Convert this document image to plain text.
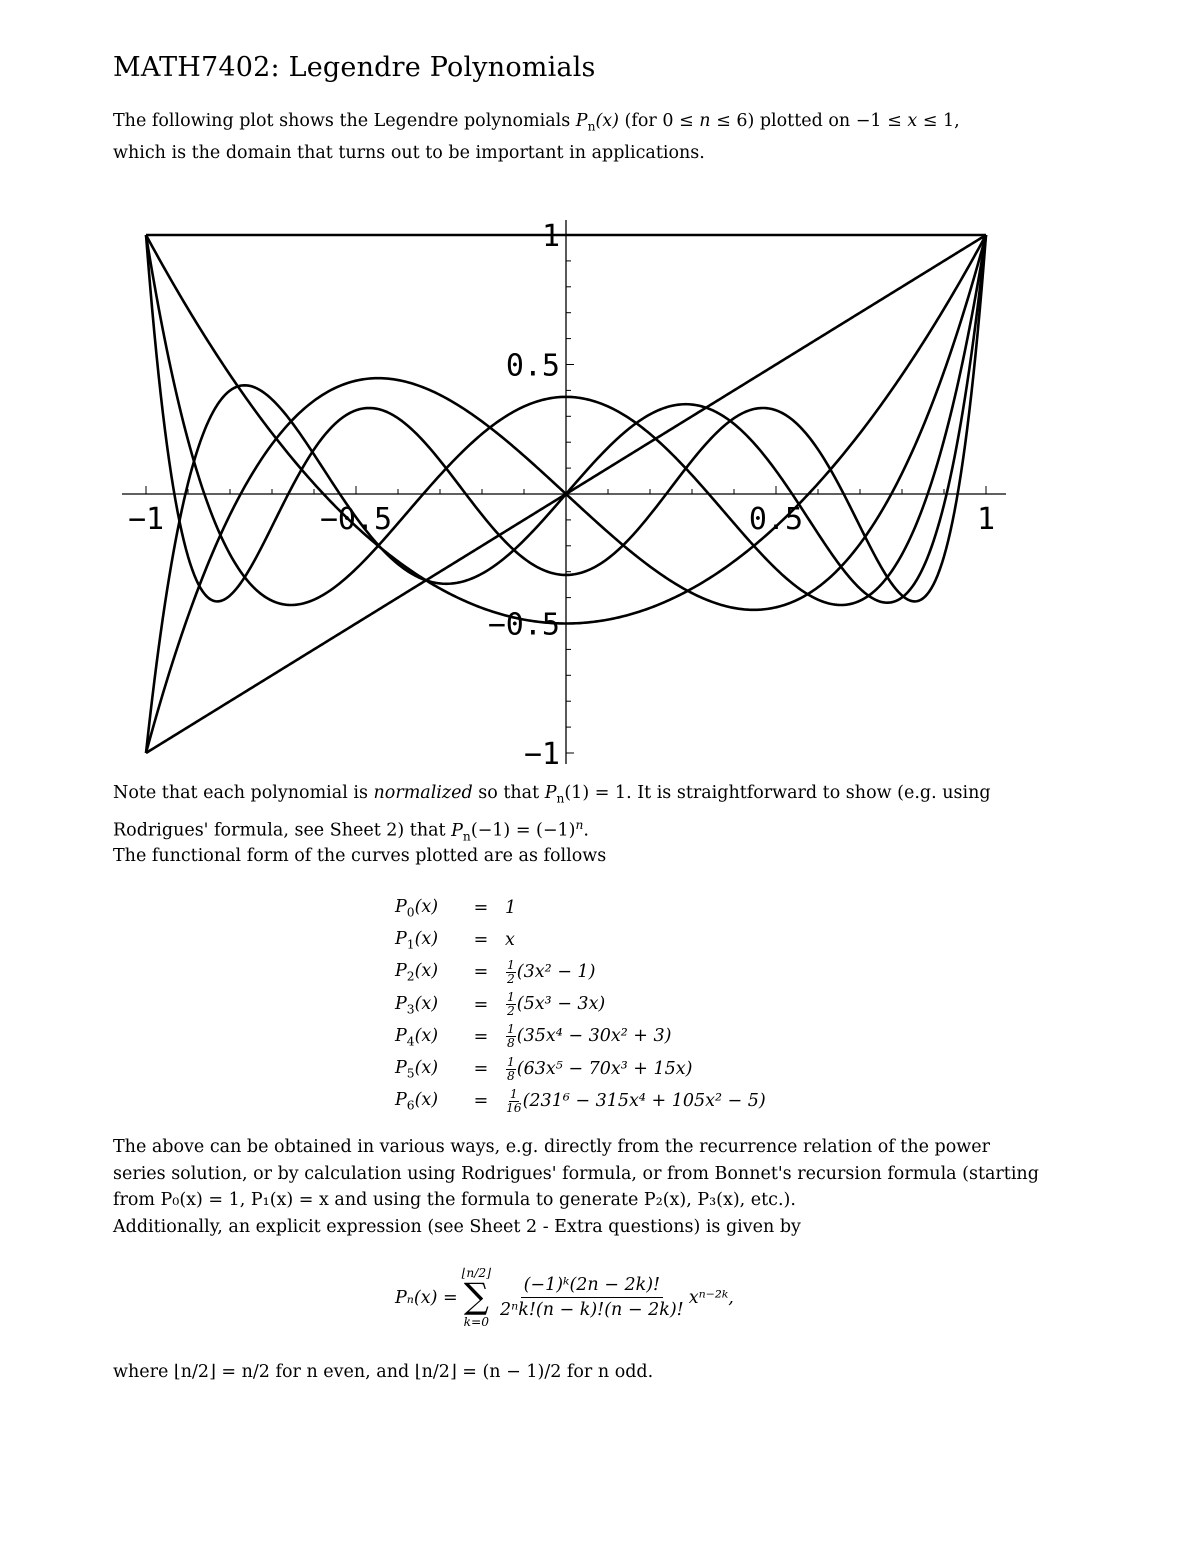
MATH7402: Legendre Polynomials
The following plot shows the Legendre polynomials $P_n(x)$ (for 0 ≤ n ≤ 6) plotted on −1 ≤ x ≤ 1,
which is the domain that turns out to be important in applications.
−1	−0.5	0.5	1
1
0.5
−0.5
−1
Note that each polynomial is normalized so that $P_n(1) = 1$. It is straightforward to show (e.g. using
Rodrigues' formula, see Sheet 2) that $P_n(-1) = (-1)^n$.
The functional form of the curves plotted are as follows
$P_0(x)$	=	1
$P_1(x)$	=	x
$P_2(x)$	=	$\frac{1}{2} (3x^2 - 1)$
$P_3(x)$	=	$\frac{1}{2} (5x^3 - 3x)$
$P_4(x)$	=	$\frac{1}{8} (35x^4 - 30x^2 + 3)$
$P_5(x)$	=	$\frac{1}{8} (63x^5 - 70x^3 + 15x)$
$P_6(x)$	=	$\frac{1}{16} (231^6 - 315x^4 + 105x^2 - 5)$
The above can be obtained in various ways, e.g. directly from the recurrence relation of the power
series solution, or by calculation using Rodrigues' formula, or from Bonnet's recursion formula (starting
from P₀(x) = 1, P₁(x) = x and using the formula to generate P₂(x), P₃(x), etc.).
Additionally, an explicit expression (see Sheet 2 - Extra questions) is given by
Pₙ(x) =
⌊n/2⌋
∑
k=0
$\frac{\text{(−1)ᵏ(2n − 2k)!}}{\text{2ⁿk!(n − k)!(n − 2k)!}}$ xⁿ⁻²ᵏ,
where ⌊n/2⌋ = n/2 for n even, and ⌊n/2⌋ = (n − 1)/2 for n odd.
